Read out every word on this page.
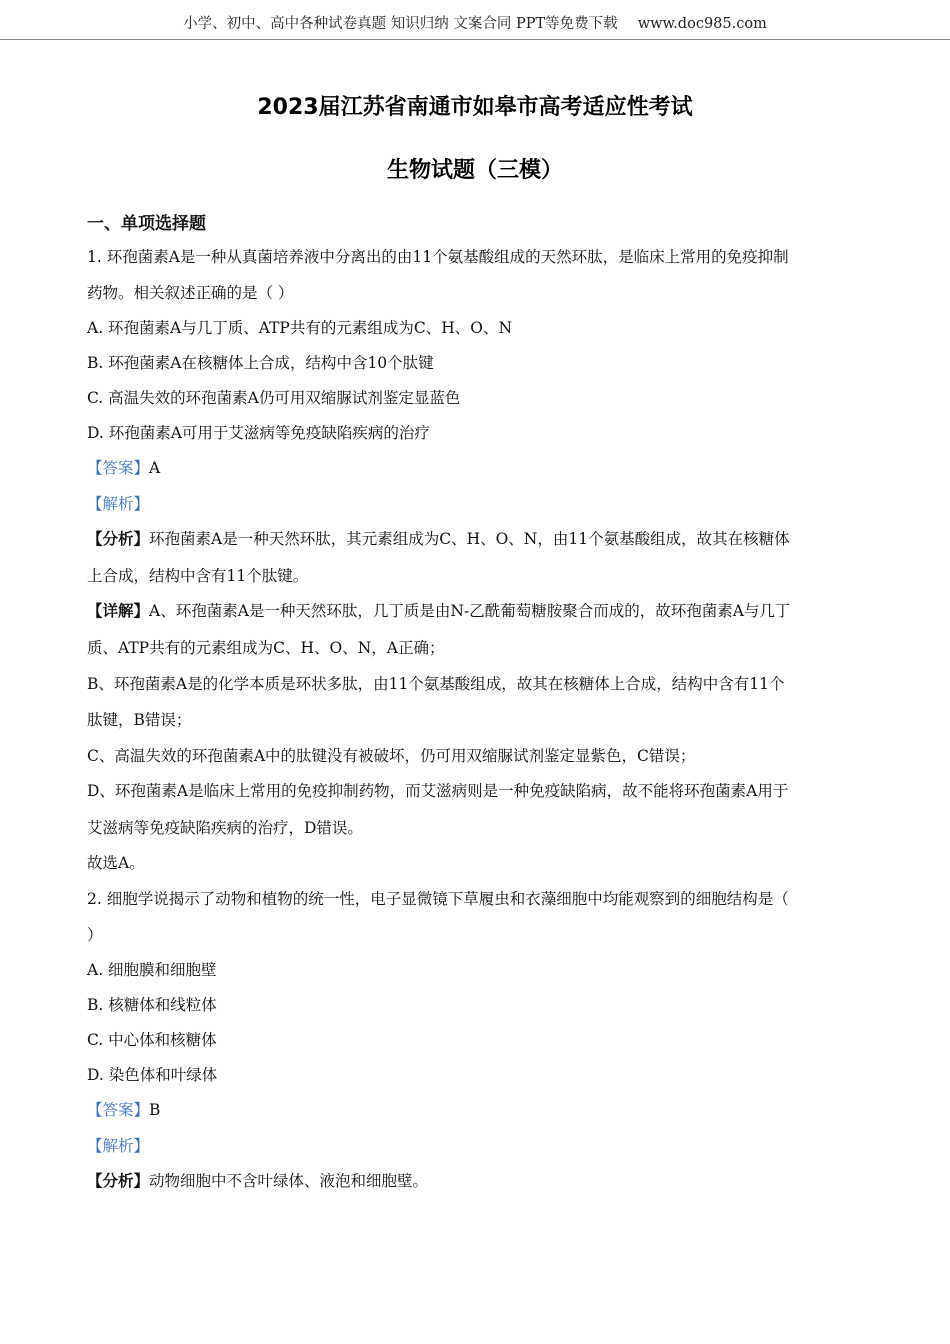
小学、初中、高中各种试卷真题 知识归纳 文案合同 PPT等免费下载 www.doc985.com
2023届江苏省南通市如皋市高考适应性考试
生物试题（三模）
一、单项选择题
1. 环孢菌素A是一种从真菌培养液中分离出的由11个氨基酸组成的天然环肽，是临床上常用的免疫抑制
药物。相关叙述正确的是（ ）
A. 环孢菌素A与几丁质、ATP共有的元素组成为C、H、O、N
B. 环孢菌素A在核糖体上合成，结构中含10个肽键
C. 高温失效的环孢菌素A仍可用双缩脲试剂鉴定显蓝色
D. 环孢菌素A可用于艾滋病等免疫缺陷疾病的治疗
【答案】A
【解析】
【分析】环孢菌素A是一种天然环肽，其元素组成为C、H、O、N，由11个氨基酸组成，故其在核糖体
上合成，结构中含有11个肽键。
【详解】A、环孢菌素A是一种天然环肽，几丁质是由N-乙酰葡萄糖胺聚合而成的，故环孢菌素A与几丁
质、ATP共有的元素组成为C、H、O、N，A正确；
B、环孢菌素A是的化学本质是环状多肽，由11个氨基酸组成，故其在核糖体上合成，结构中含有11个
肽键，B错误；
C、高温失效的环孢菌素A中的肽键没有被破坏，仍可用双缩脲试剂鉴定显紫色，C错误；
D、环孢菌素A是临床上常用的免疫抑制药物，而艾滋病则是一种免疫缺陷病，故不能将环孢菌素A用于
艾滋病等免疫缺陷疾病的治疗，D错误。
故选A。
2. 细胞学说揭示了动物和植物的统一性，电子显微镜下草履虫和衣藻细胞中均能观察到的细胞结构是（
）
A. 细胞膜和细胞壁
B. 核糖体和线粒体
C. 中心体和核糖体
D. 染色体和叶绿体
【答案】B
【解析】
【分析】动物细胞中不含叶绿体、液泡和细胞壁。
